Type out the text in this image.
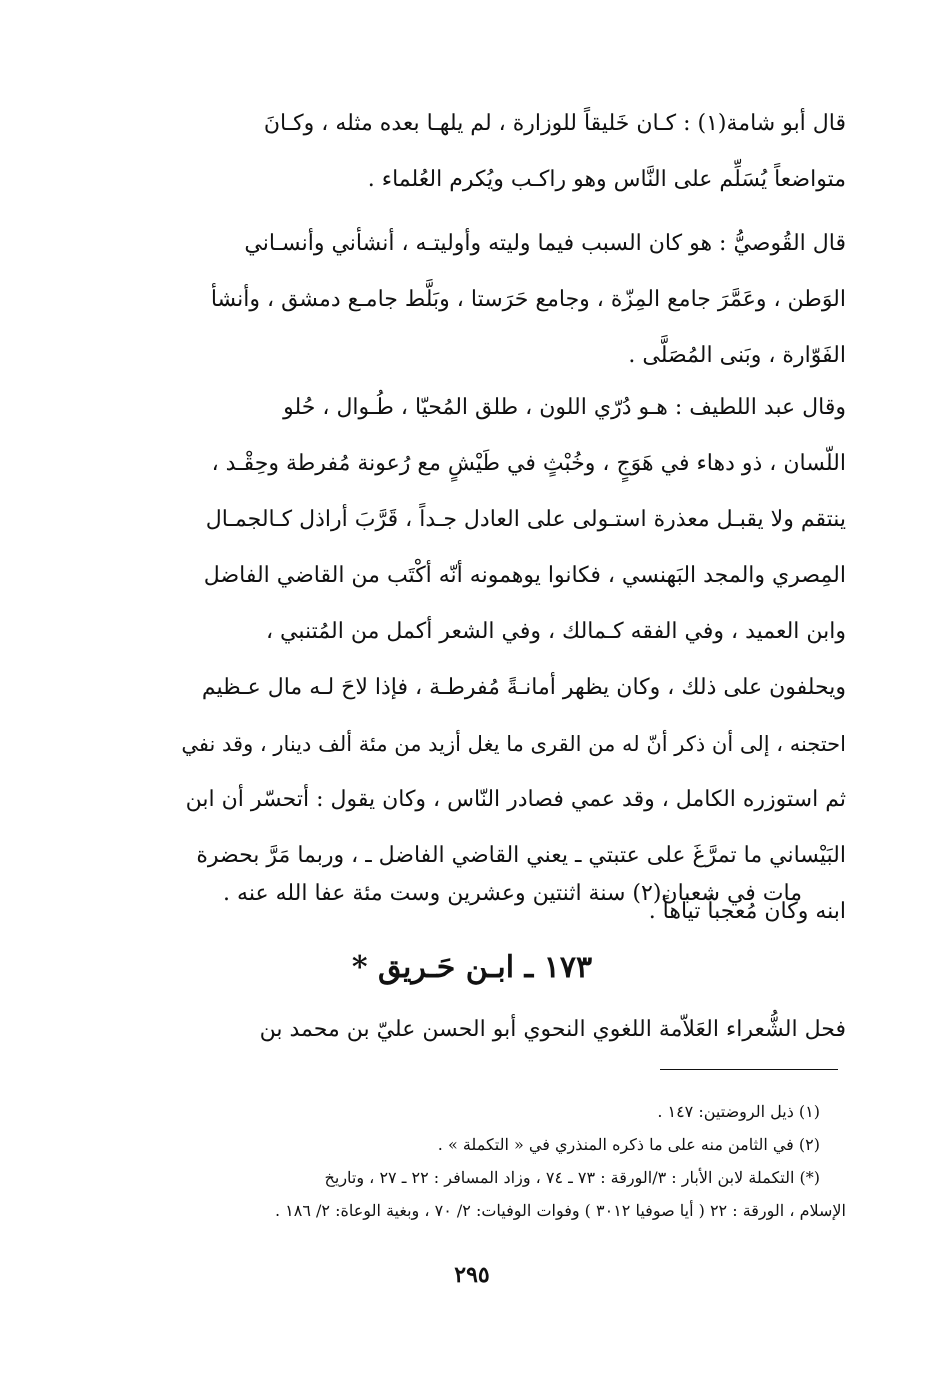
قال أبو شامة(١) : كـان خَليقاً للوزارة ، لم يلهـا بعده مثله ، وكـانَ
متواضعاً يُسَلِّم على النَّاس وهو راكـب ويُكرم العُلماء .
قال القُوصيُّ : هو كان السبب فيما وليته وأوليتـه ، أنشأني وأنسـاني
الوَطن ، وعَمَّرَ جامع المِزّة ، وجامع حَرَستا ، وبَلَّط جامـع دمشق ، وأنشأ
الفَوّارة ، وبَنى المُصَلَّى .
وقال عبد اللطيف : هـو دُرّي اللون ، طلق المُحيّا ، طُـوال ، حُلو
اللّسان ، ذو دهاء في هَوَجٍ ، وخُبْثٍ في طَيْشٍ مع رُعونة مُفرطة وحِقْـد ،
ينتقم ولا يقبـل معذرة استـولى على العادل جـداً ، قَرَّبَ أراذل كـالجمـال
المِصري والمجد البَهنسي ، فكانوا يوهمونه أنّه أكْتَب من القاضي الفاضل
وابن العميد ، وفي الفقه كـمالك ، وفي الشعر أكمل من المُتنبي ،
ويحلفون على ذلك ، وكان يظهر أمانـةً مُفرطـة ، فإذا لاحَ لـه مال عـظيم
احتجنه ، إلى أن ذكر أنّ له من القرى ما يغل أزيد من مئة ألف دينار ، وقد نفي
ثم استوزره الكامل ، وقد عمي فصادر النّاس ، وكان يقول : أتحسّر أن ابن
البَيْساني ما تمرَّغَ على عتبتي ـ يعني القاضي الفاضل ـ ، وربما مَرَّ بحضرة
ابنه وكان مُعجباً تياهاً .
مات في شعبان(٢) سنة اثنتين وعشرين وست مئة عفا الله عنه .
١٧٣ ـ ابـن حَـريق *
فحل الشُّعراء العَلاّمة اللغوي النحوي أبو الحسن عليّ بن محمد بن
(١) ذيل الروضتين: ١٤٧ .
(٢) في الثامن منه على ما ذكره المنذري في « التكملة » .
(*) التكملة لابن الأبار : ٣/الورقة : ٧٣ ـ ٧٤ ، وزاد المسافر : ٢٢ ـ ٢٧ ، وتاريخ
الإسلام ، الورقة : ٢٢ ( أيا صوفيا ٣٠١٢ ) وفوات الوفيات: ٢/ ٧٠ ، وبغية الوعاة: ٢/ ١٨٦ .
٢٩٥
